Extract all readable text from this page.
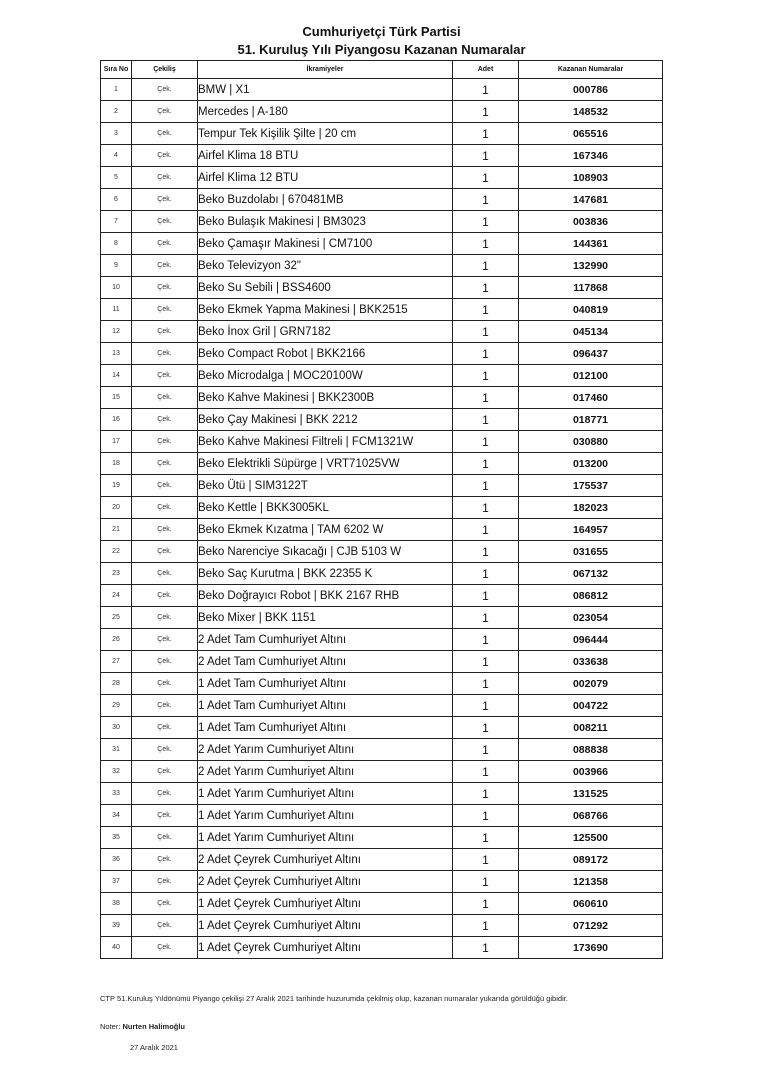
Cumhuriyetçi Türk Partisi
51. Kuruluş Yılı Piyangosu Kazanan Numaralar
Sıra No	Çekiliş	İkramiyeler	Adet	Kazanan Numaralar
1	Çek.	BMW | X1	1	000786
2	Çek.	Mercedes | A-180	1	148532
3	Çek.	Tempur Tek Kişilik Şilte | 20 cm	1	065516
4	Çek.	Airfel Klima 18 BTU	1	167346
5	Çek.	Airfel Klima 12 BTU	1	108903
6	Çek.	Beko Buzdolabı | 670481MB	1	147681
7	Çek.	Beko Bulaşık Makinesi | BM3023	1	003836
8	Çek.	Beko Çamaşır Makinesi | CM7100	1	144361
9	Çek.	Beko Televizyon 32"	1	132990
10	Çek.	Beko Su Sebili | BSS4600	1	117868
11	Çek.	Beko Ekmek Yapma Makinesi | BKK2515	1	040819
12	Çek.	Beko İnox Gril | GRN7182	1	045134
13	Çek.	Beko Compact Robot | BKK2166	1	096437
14	Çek.	Beko Microdalga | MOC20100W	1	012100
15	Çek.	Beko Kahve Makinesi | BKK2300B	1	017460
16	Çek.	Beko Çay Makinesi | BKK 2212	1	018771
17	Çek.	Beko Kahve Makinesi Filtreli | FCM1321W	1	030880
18	Çek.	Beko Elektrikli Süpürge | VRT71025VW	1	013200
19	Çek.	Beko Ütü | SIM3122T	1	175537
20	Çek.	Beko Kettle | BKK3005KL	1	182023
21	Çek.	Beko Ekmek Kızatma | TAM 6202 W	1	164957
22	Çek.	Beko Narenciye Sıkacağı | CJB 5103 W	1	031655
23	Çek.	Beko Saç Kurutma | BKK 22355 K	1	067132
24	Çek.	Beko Doğrayıcı Robot | BKK 2167 RHB	1	086812
25	Çek.	Beko Mixer | BKK 1151	1	023054
26	Çek.	2 Adet Tam Cumhuriyet Altını	1	096444
27	Çek.	2 Adet Tam Cumhuriyet Altını	1	033638
28	Çek.	1 Adet Tam Cumhuriyet Altını	1	002079
29	Çek.	1 Adet Tam Cumhuriyet Altını	1	004722
30	Çek.	1 Adet Tam Cumhuriyet Altını	1	008211
31	Çek.	2 Adet Yarım Cumhuriyet Altını	1	088838
32	Çek.	2 Adet Yarım Cumhuriyet Altını	1	003966
33	Çek.	1 Adet Yarım Cumhuriyet Altını	1	131525
34	Çek.	1 Adet Yarım Cumhuriyet Altını	1	068766
35	Çek.	1 Adet Yarım Cumhuriyet Altını	1	125500
36	Çek.	2 Adet Çeyrek Cumhuriyet Altını	1	089172
37	Çek.	2 Adet Çeyrek Cumhuriyet Altını	1	121358
38	Çek.	1 Adet Çeyrek Cumhuriyet Altını	1	060610
39	Çek.	1 Adet Çeyrek Cumhuriyet Altını	1	071292
40	Çek.	1 Adet Çeyrek Cumhuriyet Altını	1	173690
CTP 51.Kuruluş Yıldönümü Piyango çekilişi 27 Aralık 2021 tarihinde huzurumda çekilmiş olup, kazanan numaralar yukarıda görüldüğü gibidir.
Noter: Nurten Halimoğlu
27 Aralık 2021
